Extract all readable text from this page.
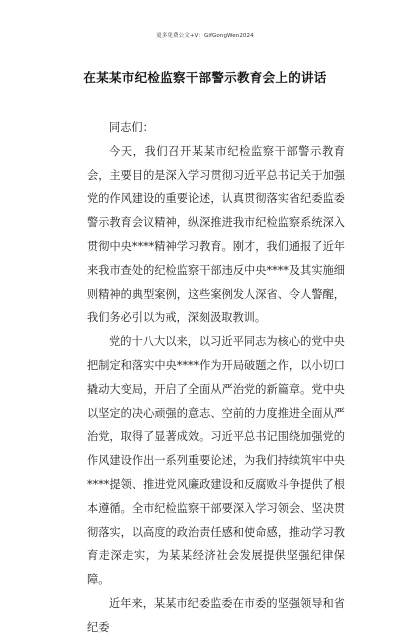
更多免费公文+V：GifGongWen2024
在某某市纪检监察干部警示教育会上的讲话

同志们：

今天，我们召开某某市纪检监察干部警示教育会，主要目的是深入学习贯彻习近平总书记关于加强党的作风建设的重要论述，认真贯彻落实省纪委监委警示教育会议精神，纵深推进我市纪检监察系统深入贯彻中央****精神学习教育。刚才，我们通报了近年来我市查处的纪检监察干部违反中央****及其实施细则精神的典型案例，这些案例发人深省、令人警醒，我们务必引以为戒，深刻汲取教训。

党的十八大以来，以习近平同志为核心的党中央把制定和落实中央****作为开局破题之作，以小切口撬动大变局，开启了全面从严治党的新篇章。党中央以坚定的决心顽强的意志、空前的力度推进全面从严治党，取得了显著成效。习近平总书记围绕加强党的作风建设作出一系列重要论述，为我们持续筑牢中央****提领、推进党风廉政建设和反腐败斗争提供了根本遵循。全市纪检监察干部要深入学习领会、坚决贯彻落实，以高度的政治责任感和使命感，推动学习教育走深走实，为某某经济社会发展提供坚强纪律保障。

近年来，某某市纪委监委在市委的坚强领导和省纪委
